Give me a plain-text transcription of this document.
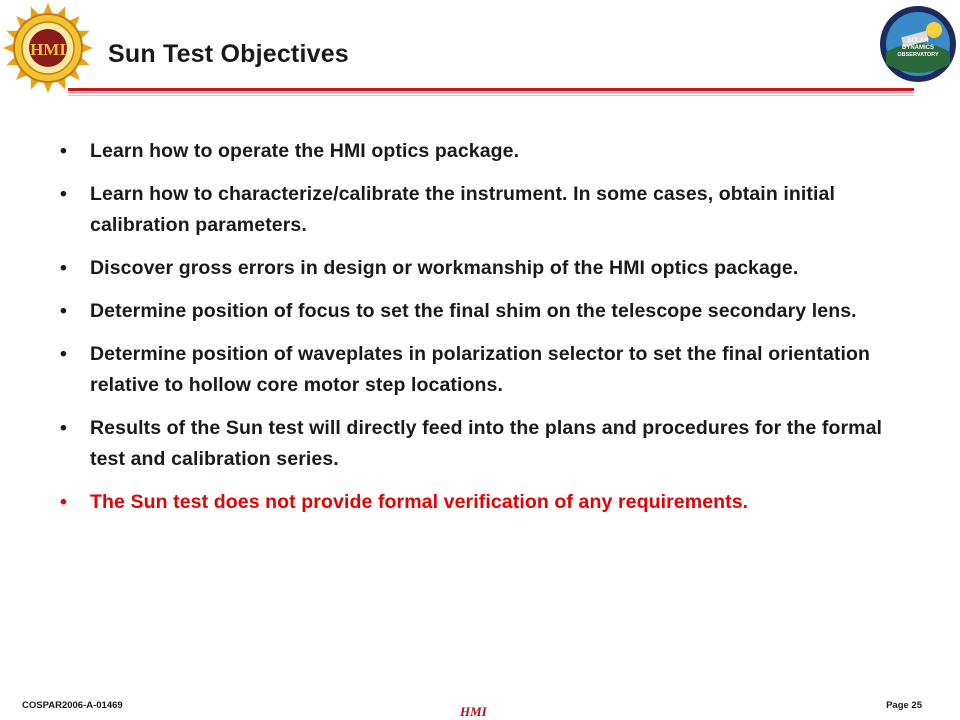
HMI Sun Test Objectives	SOLAR
DYNAMICS
OBSERVATORY
• Learn how to operate the HMI optics package.
• Learn how to characterize/calibrate the instrument. In some cases, obtain initial calibration parameters.
• Discover gross errors in design or workmanship of the HMI optics package.
• Determine position of focus to set the final shim on the telescope secondary lens.
• Determine position of waveplates in polarization selector to set the final orientation relative to hollow core motor step locations.
• Results of the Sun test will directly feed into the plans and procedures for the formal test and calibration series.
• The Sun test does not provide formal verification of any requirements.
COSPAR2006-A-01469	HMI	Page 25
